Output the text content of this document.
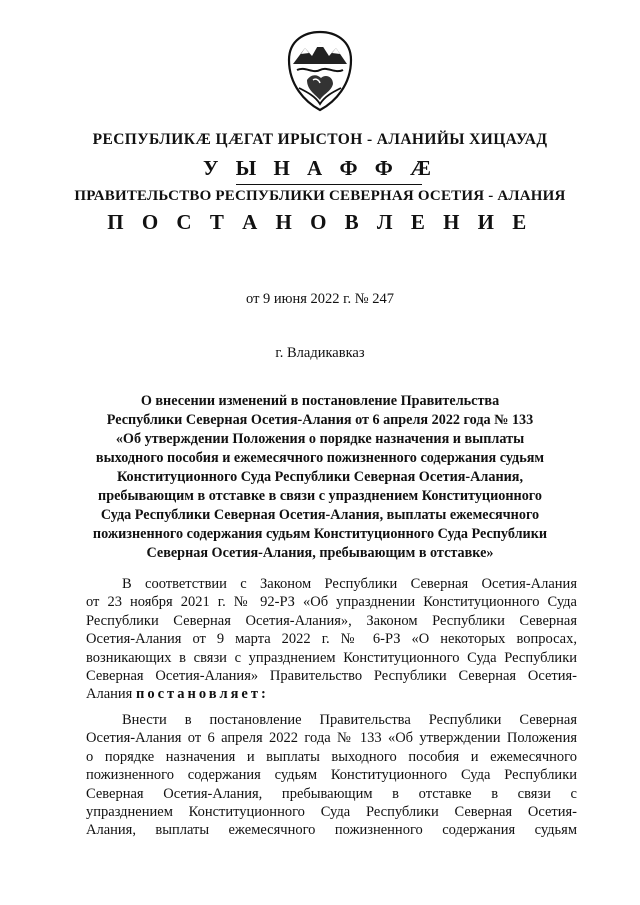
РЕСПУБЛИКÆ ЦÆГАТ ИРЫСТОН - АЛАНИЙЫ ХИЦАУАД
У Ы Н А Ф Ф Æ
ПРАВИТЕЛЬСТВО РЕСПУБЛИКИ СЕВЕРНАЯ ОСЕТИЯ - АЛАНИЯ
П О С Т А Н О В Л Е Н И Е
от 9 июня 2022 г. № 247
г. Владикавказ
О внесении изменений в постановление Правительства
Республики Северная Осетия-Алания от 6 апреля 2022 года № 133
«Об утверждении Положения о порядке назначения и выплаты
выходного пособия и ежемесячного пожизненного содержания судьям
Конституционного Суда Республики Северная Осетия-Алания,
пребывающим в отставке в связи с упразднением Конституционного
Суда Республики Северная Осетия-Алания, выплаты ежемесячного
пожизненного содержания судьям Конституционного Суда Республики
Северная Осетия-Алания, пребывающим в отставке»
В соответствии с Законом Республики Северная Осетия-Алания
от 23 ноября 2021 г. № 92-РЗ «Об упразднении Конституционного Суда
Республики Северная Осетия-Алания», Законом Республики Северная
Осетия-Алания от 9 марта 2022 г. № 6-РЗ «О некоторых вопросах,
возникающих в связи с упразднением Конституционного Суда Республики
Северная Осетия-Алания» Правительство Республики Северная Осетия-
Алания постановляет:
Внести в постановление Правительства Республики Северная
Осетия-Алания от 6 апреля 2022 года № 133 «Об утверждении Положения
о порядке назначения и выплаты выходного пособия и ежемесячного
пожизненного содержания судьям Конституционного Суда Республики
Северная Осетия-Алания, пребывающим в отставке в связи с
упразднением Конституционного Суда Республики Северная Осетия-
Алания, выплаты ежемесячного пожизненного содержания судьям
